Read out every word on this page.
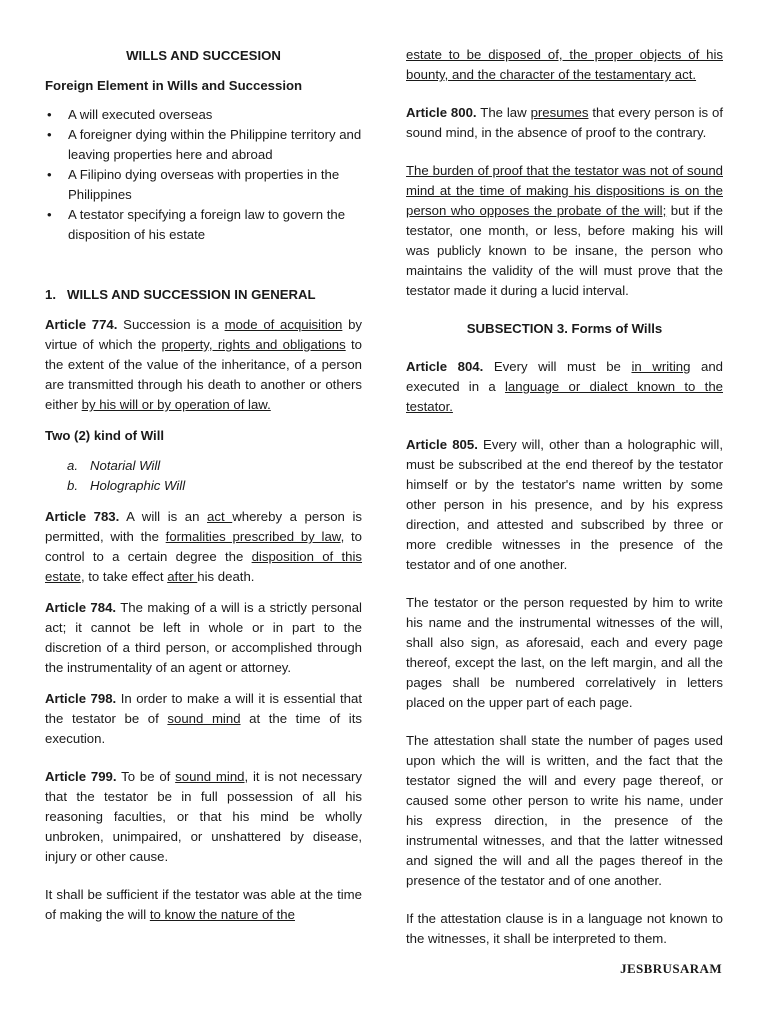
WILLS AND SUCCESION
Foreign Element in Wills and Succession
• A will executed overseas
• A foreigner dying within the Philippine territory and leaving properties here and abroad
• A Filipino dying overseas with properties in the Philippines
• A testator specifying a foreign law to govern the disposition of his estate
1. WILLS AND SUCCESSION IN GENERAL

Article 774. Succession is a mode of acquisition by virtue of which the property, rights and obligations to the extent of the value of the inheritance, of a person are transmitted through his death to another or others either by his will or by operation of law.

Two (2) kind of Will
a. Notarial Will
b. Holographic Will

Article 783. A will is an act whereby a person is permitted, with the formalities prescribed by law, to control to a certain degree the disposition of this estate, to take effect after his death.

Article 784. The making of a will is a strictly personal act; it cannot be left in whole or in part to the discretion of a third person, or accomplished through the instrumentality of an agent or attorney.

Article 798. In order to make a will it is essential that the testator be of sound mind at the time of its execution.

Article 799. To be of sound mind, it is not necessary that the testator be in full possession of all his reasoning faculties, or that his mind be wholly unbroken, unimpaired, or unshattered by disease, injury or other cause.

It shall be sufficient if the testator was able at the time of making the will to know the nature of the

estate to be disposed of, the proper objects of his bounty, and the character of the testamentary act.

Article 800. The law presumes that every person is of sound mind, in the absence of proof to the contrary.

The burden of proof that the testator was not of sound mind at the time of making his dispositions is on the person who opposes the probate of the will; but if the testator, one month, or less, before making his will was publicly known to be insane, the person who maintains the validity of the will must prove that the testator made it during a lucid interval.

SUBSECTION 3. Forms of Wills

Article 804. Every will must be in writing and executed in a language or dialect known to the testator.

Article 805. Every will, other than a holographic will, must be subscribed at the end thereof by the testator himself or by the testator's name written by some other person in his presence, and by his express direction, and attested and subscribed by three or more credible witnesses in the presence of the testator and of one another.

The testator or the person requested by him to write his name and the instrumental witnesses of the will, shall also sign, as aforesaid, each and every page thereof, except the last, on the left margin, and all the pages shall be numbered correlatively in letters placed on the upper part of each page.

The attestation shall state the number of pages used upon which the will is written, and the fact that the testator signed the will and every page thereof, or caused some other person to write his name, under his express direction, in the presence of the instrumental witnesses, and that the latter witnessed and signed the will and all the pages thereof in the presence of the testator and of one another.

If the attestation clause is in a language not known to the witnesses, it shall be interpreted to them.

JESBRUSARAM
